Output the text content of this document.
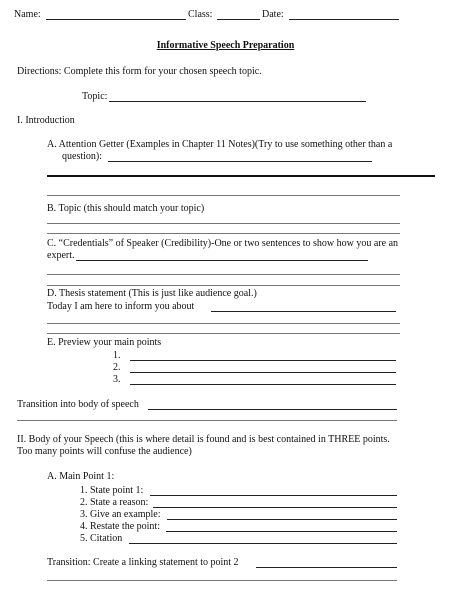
Name:	Class:	Date:
Informative Speech Preparation
Directions: Complete this form for your chosen speech topic.
Topic:
I. Introduction
A. Attention Getter (Examples in Chapter 11 Notes)(Try to use something other than a
question):
B. Topic (this should match your topic)
C. “Credentials” of Speaker (Credibility)-One or two sentences to show how you are an
expert.
D. Thesis statement (This is just like audience goal.)
Today I am here to inform you about
E. Preview your main points
1.
2.
3.
Transition into body of speech
II. Body of your Speech (this is where detail is found and is best contained in THREE points.
Too many points will confuse the audience)
A. Main Point 1:
1. State point 1:
2. State a reason:
3. Give an example:
4. Restate the point:
5. Citation
Transition: Create a linking statement to point 2
